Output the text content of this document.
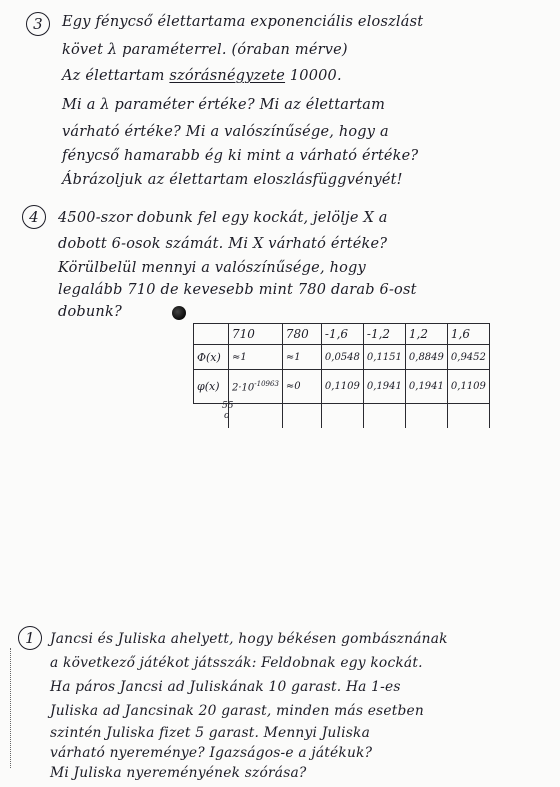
3	Egy fényсső élettartama exponenciális eloszlást
követ λ paraméterrel. (óraban mérve)
Az élettartam szórásnégyzete 10000.
Mi a λ paraméter értéke? Mi az élettartam
várható értéke? Mi a valószínűsége, hogy a
fényсső hamarabb ég ki mint a várható értéke?
Ábrázoljuk az élettartam eloszlásfüggvényét!
4	4500-szor dobunk fel egy kockát, jelölje X a
dobott 6-osok számát. Mi X várható értéke?
Körülbelül mennyi a valószínűsége, hogy
legalább 710 de kevesebb mint 780 darab 6-ost
dobunk?
	710	780	-1,6	-1,2	1,2	1,6
Φ(x)	≈1	≈1	0,0548	0,1151	0,8849	0,9452
φ(x)	$2\cdot 10^{-10963}$	≈0	0,1109	0,1941	0,1941	0,1109

55
o
1	Jancsi és Juliska ahelyett, hogy békésen gombásznának
a következő játékot játsszák: Feldobnak egy kockát.
Ha páros Jancsi ad Juliskának 10 garast. Ha 1-es
Juliska ad Jancsinak 20 garast, minden más esetben
szintén Juliska fizet 5 garast. Mennyi Juliska
várható nyereménye? Igazságos-e a játékuk?
Mi Juliska nyereményének szórása?
